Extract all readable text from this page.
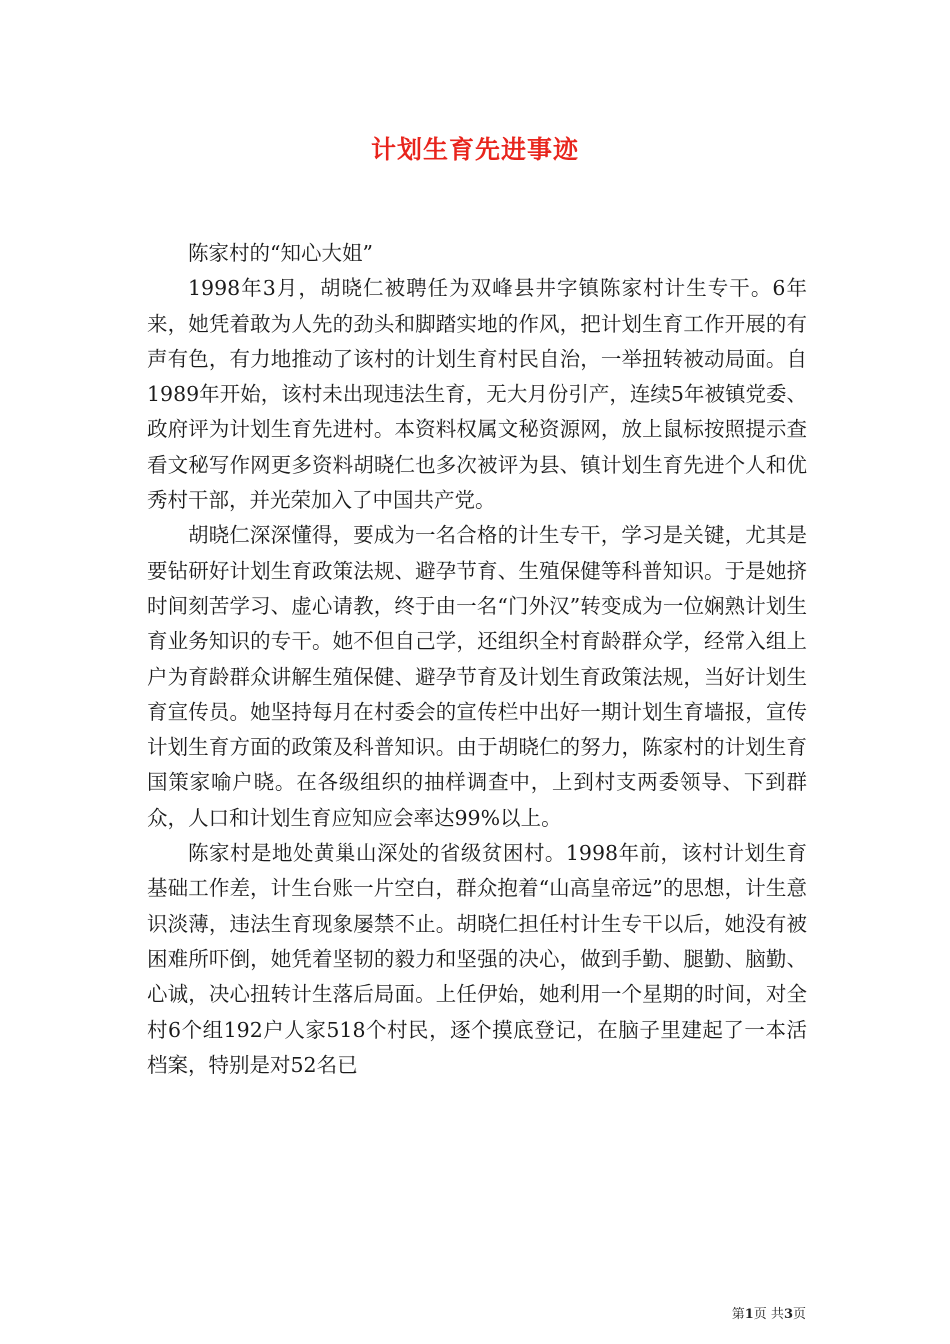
计划生育先进事迹

陈家村的“知心大姐”

1998年3月，胡晓仁被聘任为双峰县井字镇陈家村计生专干。6年来，她凭着敢为人先的劲头和脚踏实地的作风，把计划生育工作开展的有声有色，有力地推动了该村的计划生育村民自治，一举扭转被动局面。自1989年开始，该村未出现违法生育，无大月份引产，连续5年被镇党委、政府评为计划生育先进村。本资料权属文秘资源网，放上鼠标按照提示查看文秘写作网更多资料胡晓仁也多次被评为县、镇计划生育先进个人和优秀村干部，并光荣加入了中国共产党。

胡晓仁深深懂得，要成为一名合格的计生专干，学习是关键，尤其是要钻研好计划生育政策法规、避孕节育、生殖保健等科普知识。于是她挤时间刻苦学习、虚心请教，终于由一名“门外汉”转变成为一位娴熟计划生育业务知识的专干。她不但自己学，还组织全村育龄群众学，经常入组上户为育龄群众讲解生殖保健、避孕节育及计划生育政策法规，当好计划生育宣传员。她坚持每月在村委会的宣传栏中出好一期计划生育墙报，宣传计划生育方面的政策及科普知识。由于胡晓仁的努力，陈家村的计划生育国策家喻户晓。在各级组织的抽样调查中，上到村支两委领导、下到群众，人口和计划生育应知应会率达99%以上。

陈家村是地处黄巢山深处的省级贫困村。1998年前，该村计划生育基础工作差，计生台账一片空白，群众抱着“山高皇帝远”的思想，计生意识淡薄，违法生育现象屡禁不止。胡晓仁担任村计生专干以后，她没有被困难所吓倒，她凭着坚韧的毅力和坚强的决心，做到手勤、腿勤、脑勤、心诚，决心扭转计生落后局面。上任伊始，她利用一个星期的时间，对全村6个组192户人家518个村民，逐个摸底登记，在脑子里建起了一本活档案，特别是对52名已

第1页 共3页
